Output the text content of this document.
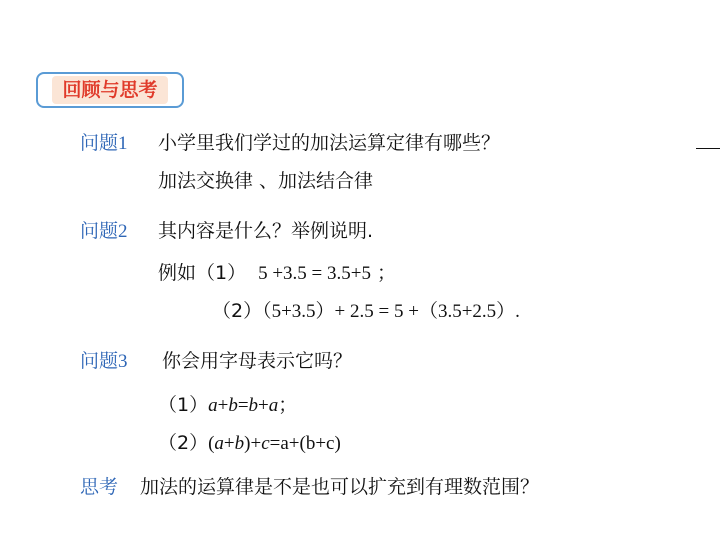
回顾与思考
问题1 小学里我们学过的加法运算定律有哪些？
加法交换律 、加法结合律
问题2 其内容是什么？举例说明.
例如（1） 5 +3.5 = 3.5+5 ；
（2）（5+3.5）+ 2.5 = 5 +（3.5+2.5）.
问题3 你会用字母表示它吗？
（1）a+b=b+a；
（2）(a+b)+c=a+(b+c)
思考 加法的运算律是不是也可以扩充到有理数范围？
